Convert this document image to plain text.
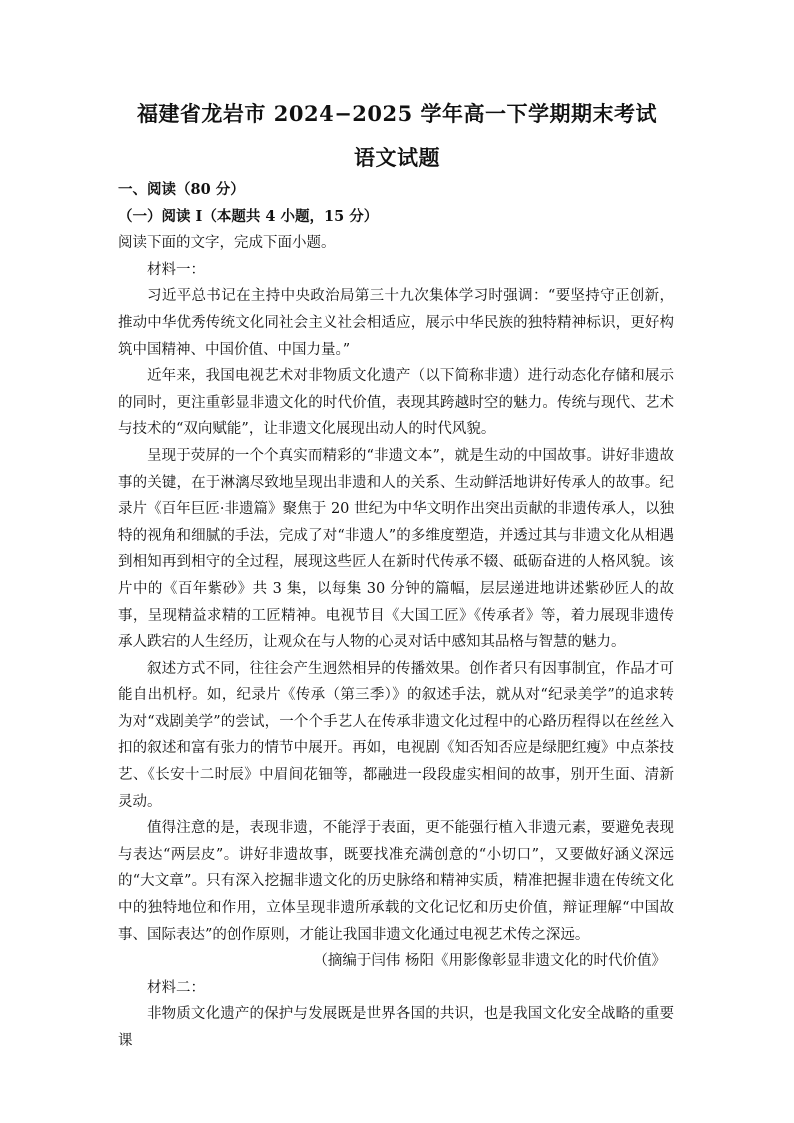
福建省龙岩市 2024−2025 学年高一下学期期末考试
语文试题

一、阅读（80 分）

（一）阅读 I（本题共 4 小题，15 分）

阅读下面的文字，完成下面小题。

材料一：

习近平总书记在主持中央政治局第三十九次集体学习时强调：“要坚持守正创新，推动中华优秀传统文化同社会主义社会相适应，展示中华民族的独特精神标识，更好构筑中国精神、中国价值、中国力量。”

近年来，我国电视艺术对非物质文化遗产（以下简称非遗）进行动态化存储和展示的同时，更注重彰显非遗文化的时代价值，表现其跨越时空的魅力。传统与现代、艺术与技术的“双向赋能”，让非遗文化展现出动人的时代风貌。

呈现于荧屏的一个个真实而精彩的“非遗文本”，就是生动的中国故事。讲好非遗故事的关键，在于淋漓尽致地呈现出非遗和人的关系、生动鲜活地讲好传承人的故事。纪录片《百年巨匠·非遗篇》聚焦于 20 世纪为中华文明作出突出贡献的非遗传承人，以独特的视角和细腻的手法，完成了对“非遗人”的多维度塑造，并透过其与非遗文化从相遇到相知再到相守的全过程，展现这些匠人在新时代传承不辍、砥砺奋进的人格风貌。该片中的《百年紫砂》共 3 集，以每集 30 分钟的篇幅，层层递进地讲述紫砂匠人的故事，呈现精益求精的工匠精神。电视节目《大国工匠》《传承者》等，着力展现非遗传承人跌宕的人生经历，让观众在与人物的心灵对话中感知其品格与智慧的魅力。

叙述方式不同，往往会产生迥然相异的传播效果。创作者只有因事制宜，作品才可能自出机杼。如，纪录片《传承（第三季）》的叙述手法，就从对“纪录美学”的追求转为对“戏剧美学”的尝试，一个个手艺人在传承非遗文化过程中的心路历程得以在丝丝入扣的叙述和富有张力的情节中展开。再如，电视剧《知否知否应是绿肥红瘦》中点茶技艺、《长安十二时辰》中眉间花钿等，都融进一段段虚实相间的故事，别开生面、清新灵动。

值得注意的是，表现非遗，不能浮于表面，更不能强行植入非遗元素，要避免表现与表达“两层皮”。讲好非遗故事，既要找准充满创意的“小切口”，又要做好涵义深远的“大文章”。只有深入挖掘非遗文化的历史脉络和精神实质，精准把握非遗在传统文化中的独特地位和作用，立体呈现非遗所承载的文化记忆和历史价值，辩证理解“中国故事、国际表达”的创作原则，才能让我国非遗文化通过电视艺术传之深远。

（摘编于闫伟 杨阳《用影像彰显非遗文化的时代价值》

材料二：

非物质文化遗产的保护与发展既是世界各国的共识，也是我国文化安全战略的重要课
